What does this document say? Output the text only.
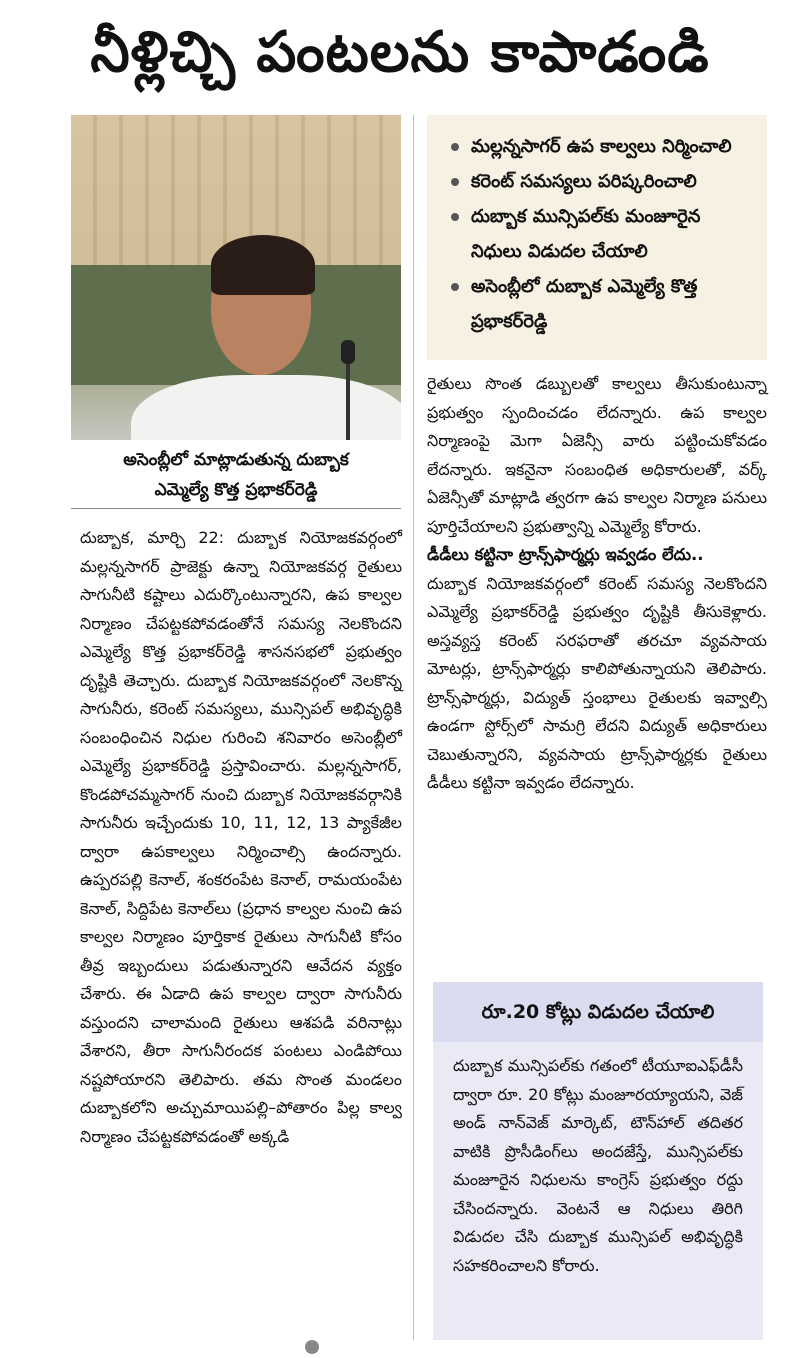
నీళ్లిచ్చి పంటలను కాపాడండి
అసెంబ్లీలో మాట్లాడుతున్న దుబ్బాక
ఎమ్మెల్యే కొత్త ప్రభాకర్‌రెడ్డి
మల్లన్నసాగర్ ఉప కాల్వలు నిర్మించాలి
కరెంట్ సమస్యలు పరిష్కరించాలి
దుబ్బాక మున్సిపల్‌కు మంజూరైన నిధులు విడుదల చేయాలి
అసెంబ్లీలో దుబ్బాక ఎమ్మెల్యే కొత్త ప్రభాకర్‌రెడ్డి

దుబ్బాక, మార్చి 22: దుబ్బాక నియోజకవర్గంలో మల్లన్నసాగర్ ప్రాజెక్టు ఉన్నా నియోజకవర్గ రైతులు సాగునీటి కష్టాలు ఎదుర్కొంటున్నారని, ఉప కాల్వల నిర్మాణం చేపట్టకపోవడంతోనే సమస్య నెలకొందని ఎమ్మెల్యే కొత్త ప్రభాకర్‌రెడ్డి శాసనసభలో ప్రభుత్వం దృష్టికి తెచ్చారు. దుబ్బాక నియోజకవర్గంలో నెలకొన్న సాగునీరు, కరెంట్ సమస్యలు, మున్సిపల్ అభివృద్ధికి సంబంధించిన నిధుల గురించి శనివారం అసెంబ్లీలో ఎమ్మెల్యే ప్రభాకర్‌రెడ్డి ప్రస్తావించారు. మల్లన్నసాగర్, కొండపోచమ్మసాగర్ నుంచి దుబ్బాక నియోజకవర్గానికి సాగునీరు ఇచ్చేందుకు 10, 11, 12, 13 ప్యాకేజీల ద్వారా ఉపకాల్వలు నిర్మించాల్సి ఉందన్నారు. ఉప్పరపల్లి కెనాల్, శంకరంపేట కెనాల్, రామయంపేట కెనాల్, సిద్దిపేట కెనాల్‌లు (ప్రధాన కాల్వల నుంచి ఉప కాల్వల నిర్మాణం పూర్తికాక రైతులు సాగునీటి కోసం తీవ్ర ఇబ్బందులు పడుతున్నారని ఆవేదన వ్యక్తం చేశారు. ఈ ఏడాది ఉప కాల్వల ద్వారా సాగునీరు వస్తుందని చాలామంది రైతులు ఆశపడి వరినాట్లు వేశారని, తీరా సాగునీరందక పంటలు ఎండిపోయి నష్టపోయారని తెలిపారు. తమ సొంత మండలం దుబ్బాకలోని అచ్చుమాయిపల్లి–పోతారం పిల్ల కాల్వ నిర్మాణం చేపట్టకపోవడంతో అక్కడి

రైతులు సొంత డబ్బులతో కాల్వలు తీసుకుంటున్నా ప్రభుత్వం స్పందించడం లేదన్నారు. ఉప కాల్వల నిర్మాణంపై మెగా ఏజెన్సీ వారు పట్టించుకోవడం లేదన్నారు. ఇకనైనా సంబంధిత అధికారులతో, వర్క్ ఏజెన్సీతో మాట్లాడి త్వరగా ఉప కాల్వల నిర్మాణ పనులు పూర్తిచేయాలని ప్రభుత్వాన్ని ఎమ్మెల్యే కోరారు.

డీడీలు కట్టినా ట్రాన్స్‌ఫార్మర్లు ఇవ్వడం లేదు..

దుబ్బాక నియోజకవర్గంలో కరెంట్ సమస్య నెలకొందని ఎమ్మెల్యే ప్రభాకర్‌రెడ్డి ప్రభుత్వం దృష్టికి తీసుకెళ్లారు. అస్తవ్యస్త కరెంట్ సరఫరాతో తరచూ వ్యవసాయ మోటర్లు, ట్రాన్స్‌ఫార్మర్లు కాలిపోతున్నాయని తెలిపారు. ట్రాన్స్‌ఫార్మర్లు, విద్యుత్ స్తంభాలు రైతులకు ఇవ్వాల్సి ఉండగా స్టోర్స్‌లో సామగ్రి లేదని విద్యుత్ అధికారులు చెబుతున్నారని, వ్యవసాయ ట్రాన్స్‌ఫార్మర్లకు రైతులు డీడీలు కట్టినా ఇవ్వడం లేదన్నారు.

రూ.20 కోట్లు విడుదల చేయాలి
దుబ్బాక మున్సిపల్‌కు గతంలో టీయూఐఎఫ్‌డీసీ ద్వారా రూ. 20 కోట్లు మంజూరయ్యాయని, వెజ్ అండ్ నాన్‌వెజ్ మార్కెట్, టౌన్‌హాల్ తదితర వాటికి ప్రొసీడింగ్‌లు అందజేస్తే, మున్సిపల్‌కు మంజూరైన నిధులను కాంగ్రెస్ ప్రభుత్వం రద్దు చేసిందన్నారు. వెంటనే ఆ నిధులు తిరిగి విడుదల చేసి దుబ్బాక మున్సిపల్ అభివృద్ధికి సహకరించాలని కోరారు.
